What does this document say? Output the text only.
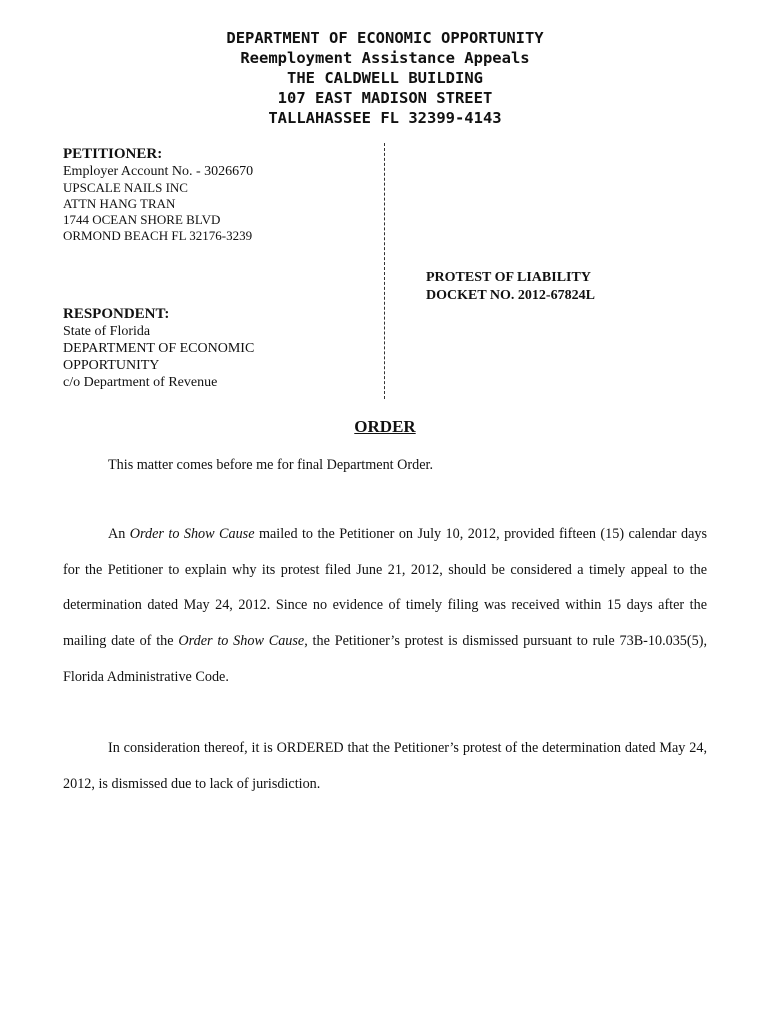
DEPARTMENT OF ECONOMIC OPPORTUNITY
Reemployment Assistance Appeals
THE CALDWELL BUILDING
107 EAST MADISON STREET
TALLAHASSEE FL 32399-4143
PETITIONER:
Employer Account No. - 3026670
UPSCALE NAILS INC
ATTN HANG TRAN
1744 OCEAN SHORE BLVD
ORMOND BEACH FL 32176-3239
PROTEST OF LIABILITY
DOCKET NO. 2012-67824L
RESPONDENT:
State of Florida
DEPARTMENT OF ECONOMIC
OPPORTUNITY
c/o Department of Revenue
ORDER
This matter comes before me for final Department Order.
An Order to Show Cause mailed to the Petitioner on July 10, 2012, provided fifteen (15) calendar days for the Petitioner to explain why its protest filed June 21, 2012, should be considered a timely appeal to the determination dated May 24, 2012. Since no evidence of timely filing was received within 15 days after the mailing date of the Order to Show Cause, the Petitioner’s protest is dismissed pursuant to rule 73B-10.035(5), Florida Administrative Code.
In consideration thereof, it is ORDERED that the Petitioner’s protest of the determination dated May 24, 2012, is dismissed due to lack of jurisdiction.
